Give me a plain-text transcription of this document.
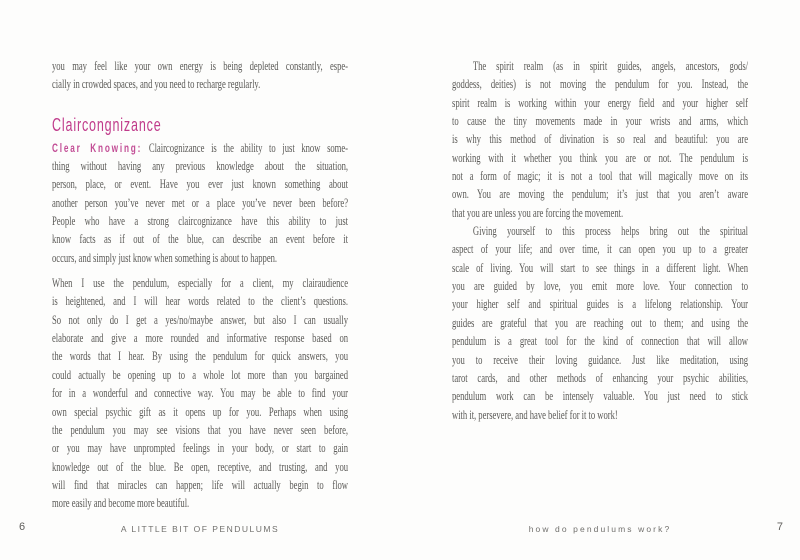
you may feel like your own energy is being depleted constantly, espe-
cially in crowded spaces, and you need to recharge regularly.
Claircongnizance
Clear Knowing: Claircognizance is the ability to just know some-
thing without having any previous knowledge about the situation,
person, place, or event. Have you ever just known something about
another person you’ve never met or a place you’ve never been before?
People who have a strong claircognizance have this ability to just
know facts as if out of the blue, can describe an event before it
occurs, and simply just know when something is about to happen.
When I use the pendulum, especially for a client, my clairaudience
is heightened, and I will hear words related to the client’s questions.
So not only do I get a yes/no/maybe answer, but also I can usually
elaborate and give a more rounded and informative response based on
the words that I hear. By using the pendulum for quick answers, you
could actually be opening up to a whole lot more than you bargained
for in a wonderful and connective way. You may be able to find your
own special psychic gift as it opens up for you. Perhaps when using
the pendulum you may see visions that you have never seen before,
or you may have unprompted feelings in your body, or start to gain
knowledge out of the blue. Be open, receptive, and trusting, and you
will find that miracles can happen; life will actually begin to flow
more easily and become more beautiful.
The spirit realm (as in spirit guides, angels, ancestors, gods/
goddess, deities) is not moving the pendulum for you. Instead, the
spirit realm is working within your energy field and your higher self
to cause the tiny movements made in your wrists and arms, which
is why this method of divination is so real and beautiful: you are
working with it whether you think you are or not. The pendulum is
not a form of magic; it is not a tool that will magically move on its
own. You are moving the pendulum; it’s just that you aren’t aware
that you are unless you are forcing the movement.
Giving yourself to this process helps bring out the spiritual
aspect of your life; and over time, it can open you up to a greater
scale of living. You will start to see things in a different light. When
you are guided by love, you emit more love. Your connection to
your higher self and spiritual guides is a lifelong relationship. Your
guides are grateful that you are reaching out to them; and using the
pendulum is a great tool for the kind of connection that will allow
you to receive their loving guidance. Just like meditation, using
tarot cards, and other methods of enhancing your psychic abilities,
pendulum work can be intensely valuable. You just need to stick
with it, persevere, and have belief for it to work!
6	A LITTLE BIT OF PENDULUMS	how do pendulums work?	7
